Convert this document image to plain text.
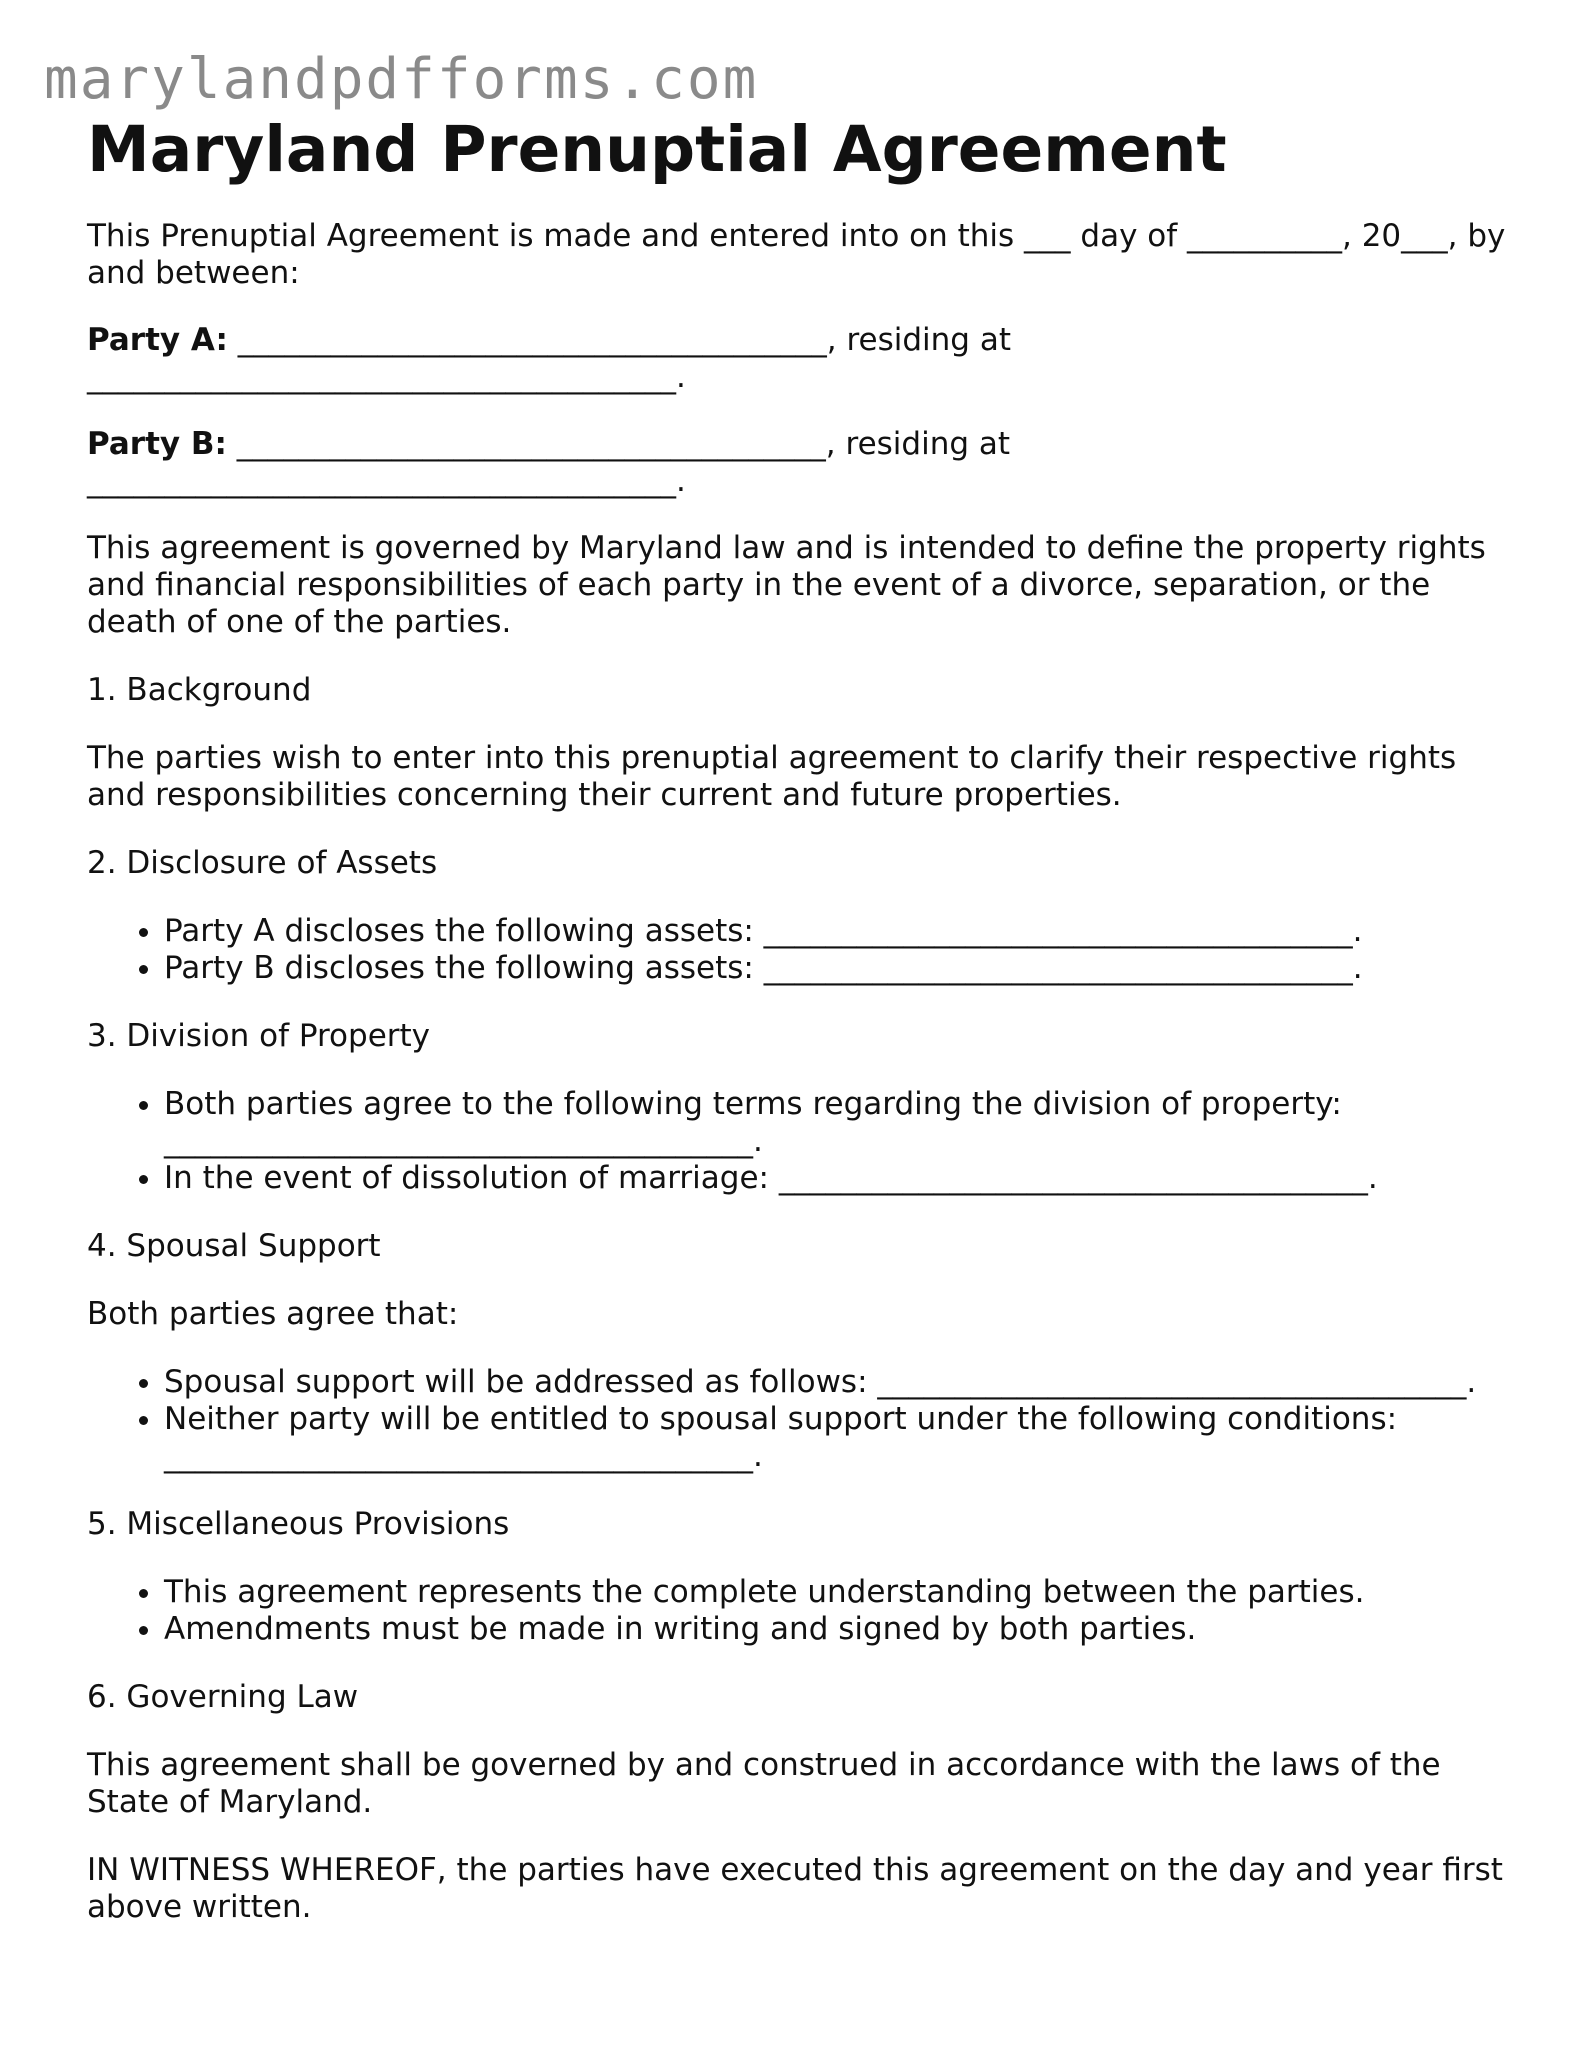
marylandpdfforms.com
Maryland Prenuptial Agreement

This Prenuptial Agreement is made and entered into on this ___ day of __________, 20___, by and between:

Party A: ______________________________________, residing at ______________________________________.

Party B: ______________________________________, residing at ______________________________________.

This agreement is governed by Maryland law and is intended to define the property rights and financial responsibilities of each party in the event of a divorce, separation, or the death of one of the parties.

1. Background

The parties wish to enter into this prenuptial agreement to clarify their respective rights and responsibilities concerning their current and future properties.

2. Disclosure of Assets

• Party A discloses the following assets: ______________________________________.
• Party B discloses the following assets: ______________________________________.

3. Division of Property

• Both parties agree to the following terms regarding the division of property: ______________________________________.
• In the event of dissolution of marriage: ______________________________________.

4. Spousal Support

Both parties agree that:

• Spousal support will be addressed as follows: ______________________________________.
• Neither party will be entitled to spousal support under the following conditions: ______________________________________.

5. Miscellaneous Provisions

• This agreement represents the complete understanding between the parties.
• Amendments must be made in writing and signed by both parties.

6. Governing Law

This agreement shall be governed by and construed in accordance with the laws of the State of Maryland.

IN WITNESS WHEREOF, the parties have executed this agreement on the day and year first above written.
